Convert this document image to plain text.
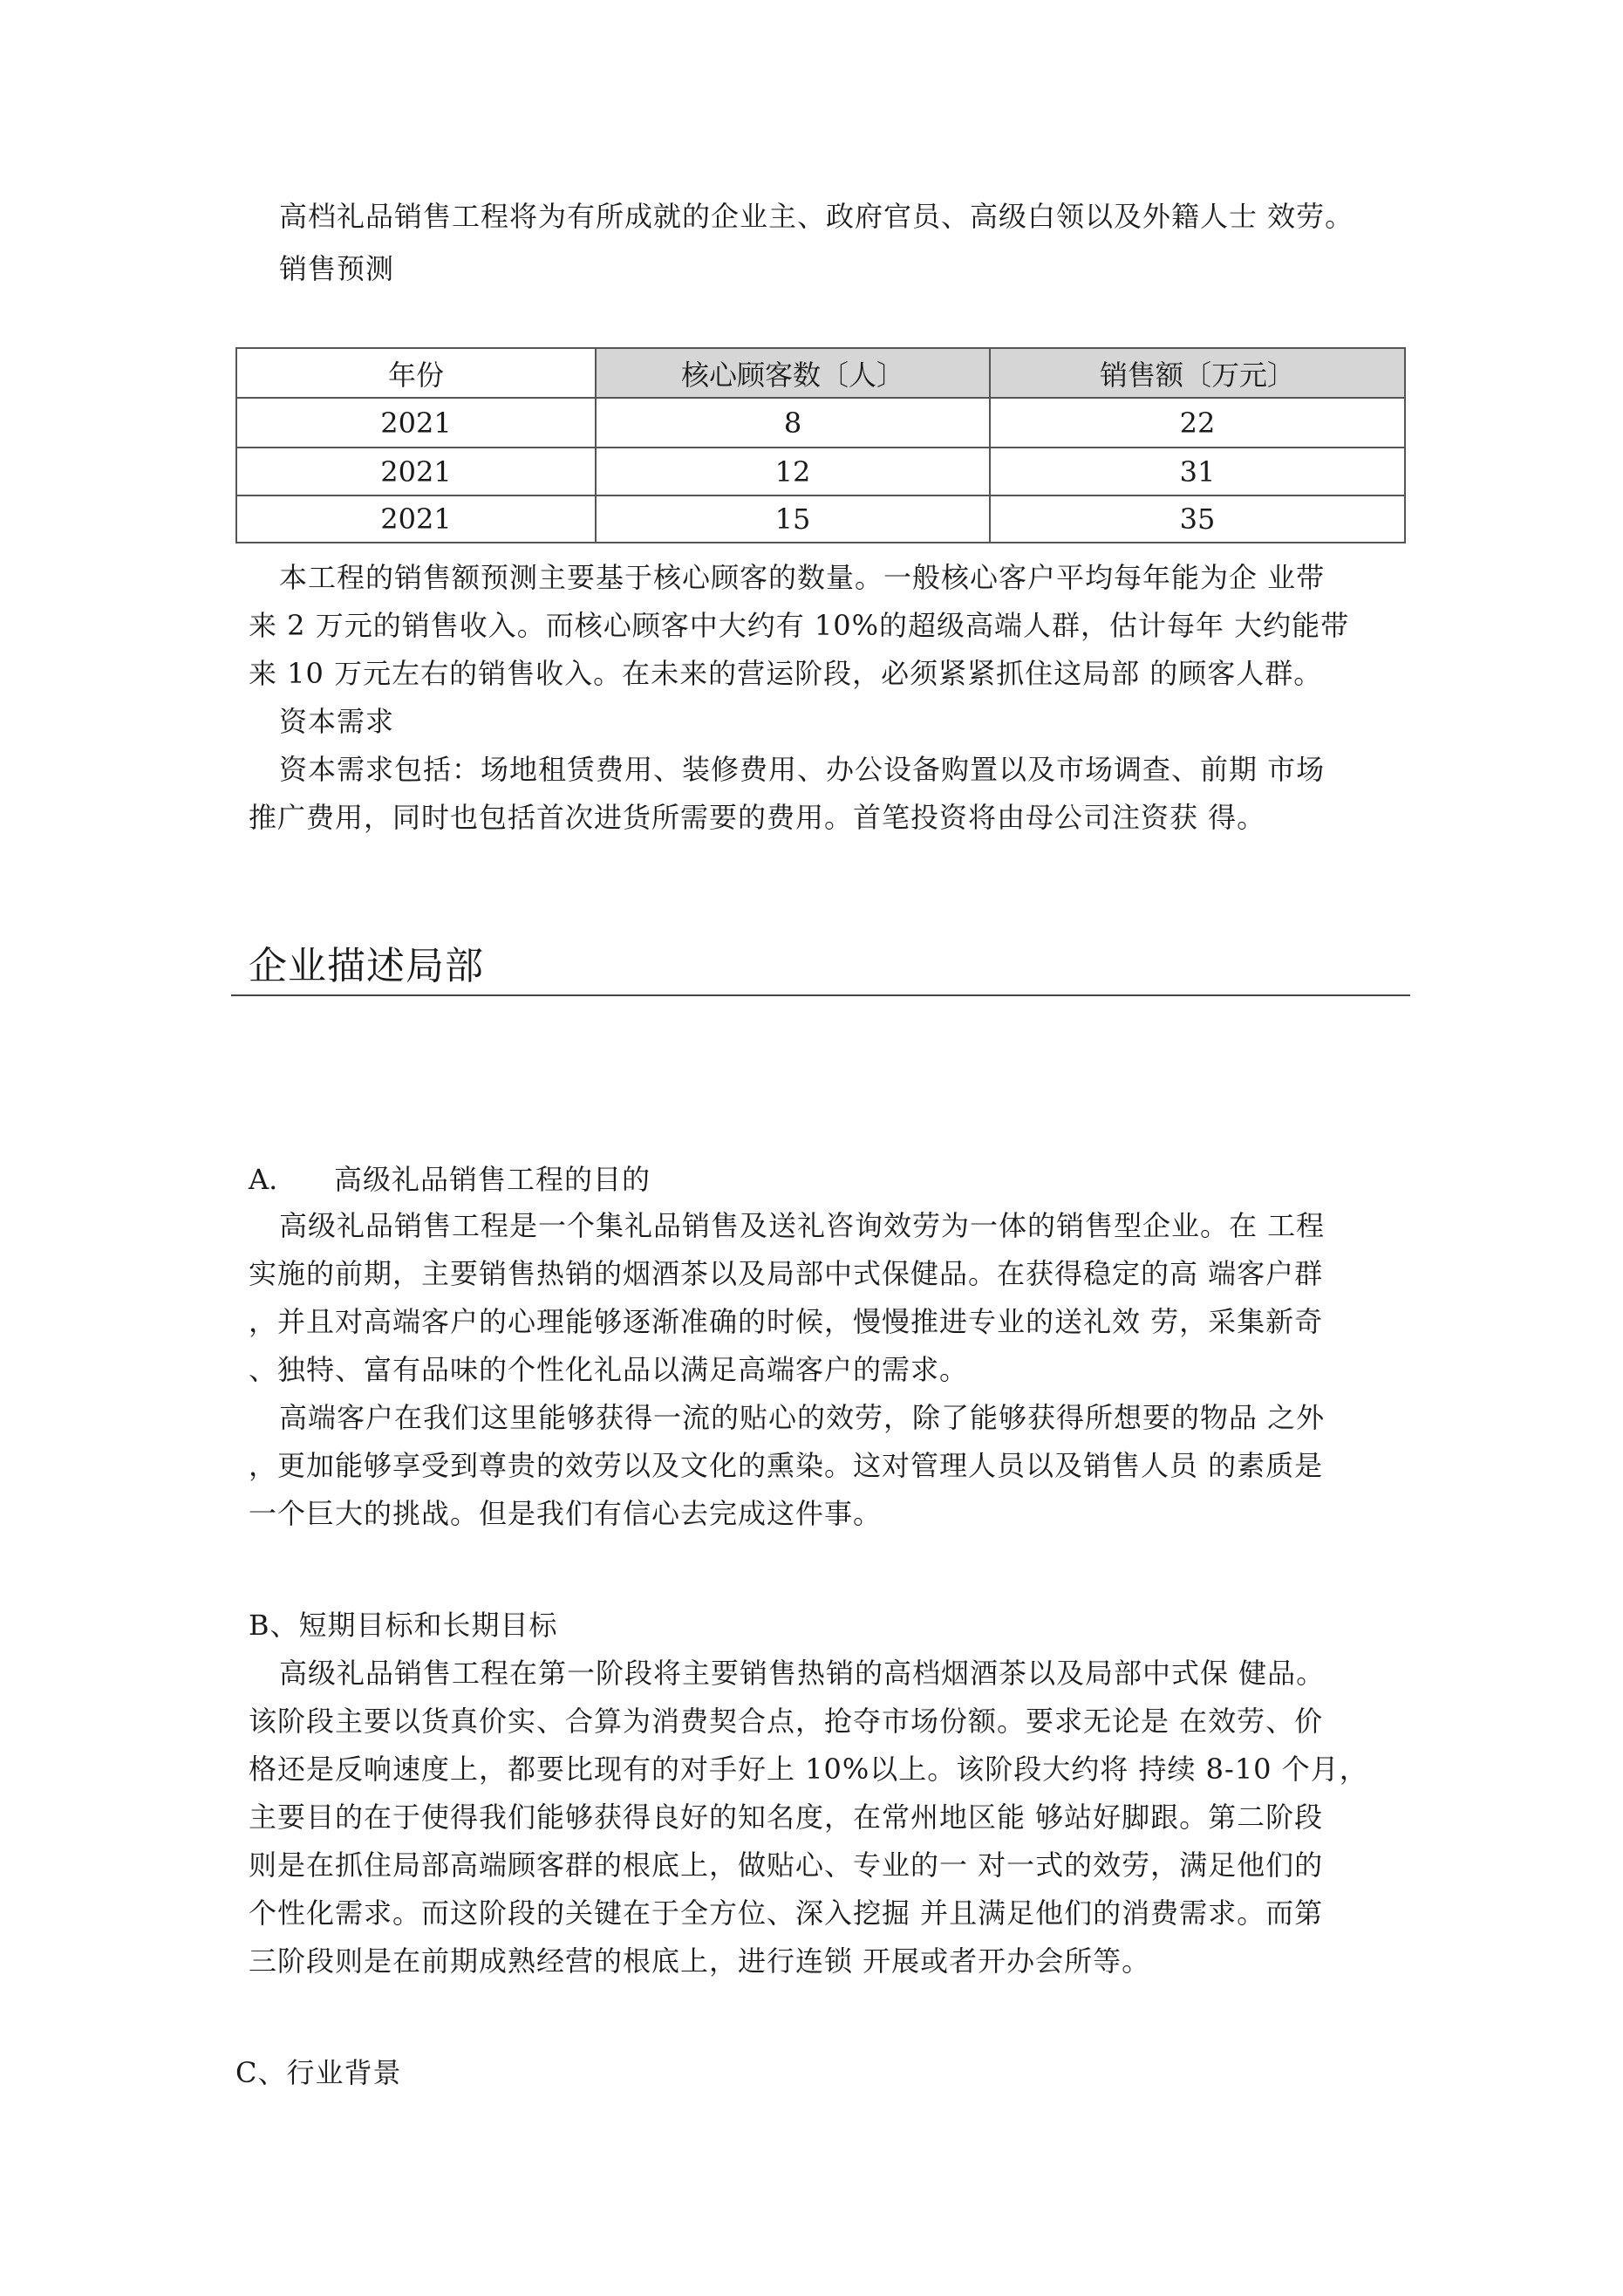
高档礼品销售工程将为有所成就的企业主、政府官员、高级白领以及外籍人士 效劳。
销售预测
年份	核心顾客数〔人〕	销售额〔万元〕
2021	8	22
2021	12	31
2021	15	35
本工程的销售额预测主要基于核心顾客的数量。一般核心客户平均每年能为企 业带
来 2 万元的销售收入。而核心顾客中大约有 10%的超级高端人群，估计每年 大约能带
来 10 万元左右的销售收入。在未来的营运阶段，必须紧紧抓住这局部 的顾客人群。
资本需求
资本需求包括：场地租赁费用、装修费用、办公设备购置以及市场调查、前期 市场
推广费用，同时也包括首次进货所需要的费用。首笔投资将由母公司注资获 得。
企业描述局部
A. 高级礼品销售工程的目的
高级礼品销售工程是一个集礼品销售及送礼咨询效劳为一体的销售型企业。在 工程
实施的前期，主要销售热销的烟酒茶以及局部中式保健品。在获得稳定的高 端客户群
，并且对高端客户的心理能够逐渐准确的时候，慢慢推进专业的送礼效 劳，采集新奇
、独特、富有品味的个性化礼品以满足高端客户的需求。
高端客户在我们这里能够获得一流的贴心的效劳，除了能够获得所想要的物品 之外
，更加能够享受到尊贵的效劳以及文化的熏染。这对管理人员以及销售人员 的素质是
一个巨大的挑战。但是我们有信心去完成这件事。
B、短期目标和长期目标
高级礼品销售工程在第一阶段将主要销售热销的高档烟酒茶以及局部中式保 健品。
该阶段主要以货真价实、合算为消费契合点，抢夺市场份额。要求无论是 在效劳、价
格还是反响速度上，都要比现有的对手好上 10%以上。该阶段大约将 持续 8-10 个月，
主要目的在于使得我们能够获得良好的知名度，在常州地区能 够站好脚跟。第二阶段
则是在抓住局部高端顾客群的根底上，做贴心、专业的一 对一式的效劳，满足他们的
个性化需求。而这阶段的关键在于全方位、深入挖掘 并且满足他们的消费需求。而第
三阶段则是在前期成熟经营的根底上，进行连锁 开展或者开办会所等。
C、行业背景
